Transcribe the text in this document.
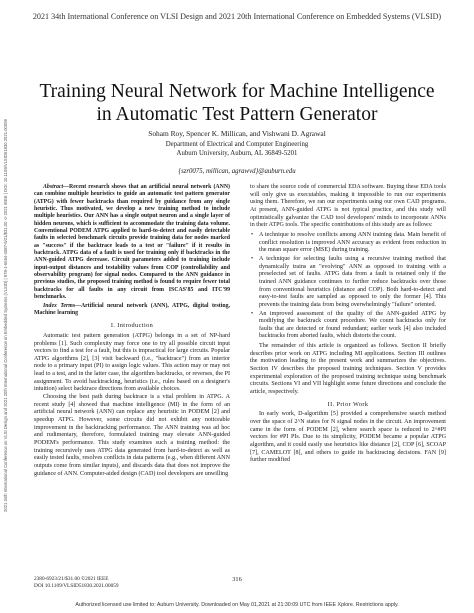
2021 34th International Conference on VLSI Design and 2021 20th International Conference on Embedded Systems (VLSID)
2021 34th International Conference on VLSI Design and 2021 20th International Conference on Embedded Systems (VLSID) | 978-1-6654-4087-5/21/$31.00 ©2021 IEEE | DOI: 10.1109/VLSID51830.2021.00059
Training Neural Network for Machine Intelligence
in Automatic Test Pattern Generator
Soham Roy, Spencer K. Millican, and Vishwani D. Agrawal
Department of Electrical and Computer Engineering
Auburn University, Auburn, AL 36849-5201
{szr0075, millican, agrawvd}@auburn.edu

Abstract—Recent research shows that an artificial neural network (ANN) can combine multiple heuristics to guide an automatic test pattern generator (ATPG) with fewer backtracks than required by guidance from any single heuristic. Thus motivated, we develop a new training method to include multiple heuristics. Our ANN has a single output neuron and a single layer of hidden neurons, which is sufficient to accommodate the training data volume. Conventional PODEM ATPG applied to hard-to-detect and easily detectable faults in selected benchmark circuits provide training data for nodes marked as "success" if the backtrace leads to a test or "failure" if it results in backtrack. ATPG data of a fault is used for training only if backtracks in the ANN-guided ATPG decrease. Circuit parameters added to training include input-output distances and testability values from COP (controllability and observability program) for signal nodes. Compared to the ANN guidance in previous studies, the proposed training method is found to require fewer total backtracks for all faults in any circuit from ISCAS'85 and ITC'99 benchmarks.

Index Terms—Artificial neural network (ANN), ATPG, digital testing, Machine learning

I. Introduction

Automatic test pattern generation (ATPG) belongs in a set of NP-hard problems [1]. Such complexity may force one to try all possible circuit input vectors to find a test for a fault, but this is impractical for large circuits. Popular ATPG algorithms [2], [3] visit backward (i.e., "backtrace") from an interior node to a primary input (PI) to assign logic values. This action may or may not lead to a test, and in the latter case, the algorithm backtracks, or reverses, the PI assignment. To avoid backtracking, heuristics (i.e., rules based on a designer's intuition) select backtrace directions from available choices.

Choosing the best path during backtrace is a vital problem in ATPG. A recent study [4] showed that machine intelligence (MI) in the form of an artificial neural network (ANN) can replace any heuristic in PODEM [2] and speedup ATPG. However, some circuits did not exhibit any noticeable improvement in the backtracking performance. The ANN training was ad hoc and rudimentary, therefore, formulated training may elevate ANN-guided PODEM's performance. This study examines such a training method: the training recursively uses ATPG data generated from hard-to-detect as well as easily tested faults, resolves conflicts in data patterns (e.g., when different ANN outputs come from similar inputs), and discards data that does not improve the guidance of ANN. Computer-aided design (CAD) tool developers are unwilling

to share the source code of commercial EDA software. Buying these EDA tools will only give us executables, making it impossible to run our experiments using them. Therefore, we ran our experiments using our own CAD programs. At present, ANN-guided ATPG is not typical practice, and this study will optimistically galvanize the CAD tool developers' minds to incorporate ANNs in their ATPG tools. The specific contributions of this study are as follows:

• A technique to resolve conflicts among ANN training data. Main benefit of conflict resolution is improved ANN accuracy as evident from reduction in the mean square error (MSE) during training.
• A technique for selecting faults using a recursive training method that dynamically trains an "evolving" ANN as opposed to training with a preselected set of faults. ATPG data from a fault is retained only if the trained ANN guidance continues to further reduce backtracks over those from conventional heuristics (distance and COP). Both hard-to-detect and easy-to-test faults are sampled as opposed to only the former [4]. This prevents the training data from being overwhelmingly "failure" oriented.
• An improved assessment of the quality of the ANN-guided ATPG by modifying the backtrack count procedure. We count backtracks only for faults that are detected or found redundant; earlier work [4] also included backtracks from aborted faults, which distorts the count.

The remainder of this article is organized as follows. Section II briefly describes prior work on ATPG including MI applications. Section III outlines the motivation leading to the present work and summarizes the objectives. Section IV describes the proposed training techniques. Section V provides experimental exploration of the proposed training technique using benchmark circuits. Sections VI and VII highlight some future directions and conclude the article, respectively.

II. Prior Work

In early work, D-algorithm [5] provided a comprehensive search method over the space of 2^N states for N signal nodes in the circuit. An improvement came in the form of PODEM [2], where search space is reduced to 2^#PI vectors for #PI PIs. Due to its simplicity, PODEM became a popular ATPG algorithm, and it could easily use heuristics like distance [2], COP [6], SCOAP [7], CAMELOT [8], and others to guide its backtracing decisions. FAN [9] further modified

2380-6923/21/$31.00 ©2021 IEEE
DOI 10.1109/VLSID51830.2021.00059
316
Authorized licensed use limited to: Auburn University. Downloaded on May 01,2021 at 21:30:09 UTC from IEEE Xplore. Restrictions apply.
